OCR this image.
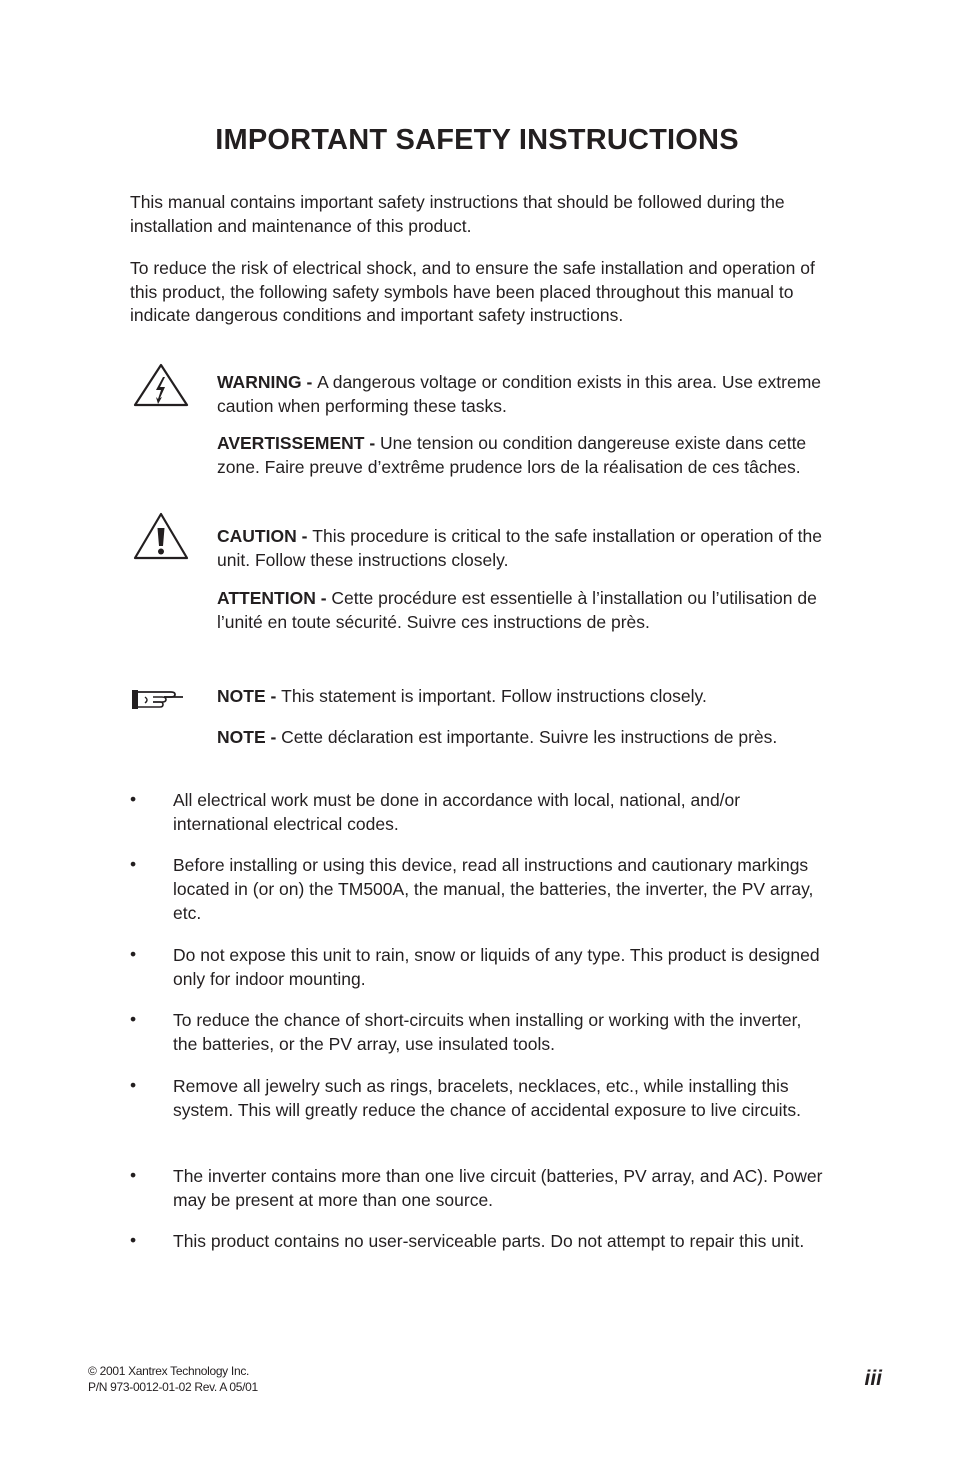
IMPORTANT SAFETY INSTRUCTIONS

This manual contains important safety instructions that should be followed during the installation and maintenance of this product.

To reduce the risk of electrical shock, and to ensure the safe installation and operation of this product, the following safety symbols have been placed throughout this manual to indicate dangerous conditions and important safety instructions.

WARNING - A dangerous voltage or condition exists in this area. Use extreme caution when performing these tasks.

AVERTISSEMENT - Une tension ou condition dangereuse existe dans cette zone. Faire preuve d’extrême prudence lors de la réalisation de ces tâches.

CAUTION - This procedure is critical to the safe installation or operation of the unit. Follow these instructions closely.

ATTENTION - Cette procédure est essentielle à l’installation ou l’utilisation de l’unité en toute sécurité. Suivre ces instructions de près.

NOTE - This statement is important. Follow instructions closely.

NOTE - Cette déclaration est importante. Suivre les instructions de près.

• All electrical work must be done in accordance with local, national, and/or international electrical codes.

• Before installing or using this device, read all instructions and cautionary markings located in (or on) the TM500A, the manual, the batteries, the inverter, the PV array, etc.

• Do not expose this unit to rain, snow or liquids of any type. This product is designed only for indoor mounting.

• To reduce the chance of short-circuits when installing or working with the inverter, the batteries, or the PV array, use insulated tools.

• Remove all jewelry such as rings, bracelets, necklaces, etc., while installing this system. This will greatly reduce the chance of accidental exposure to live circuits.

• The inverter contains more than one live circuit (batteries, PV array, and AC). Power may be present at more than one source.

• This product contains no user-serviceable parts. Do not attempt to repair this unit.

© 2001 Xantrex Technology Inc.
P/N 973-0012-01-02 Rev. A 05/01	iii
